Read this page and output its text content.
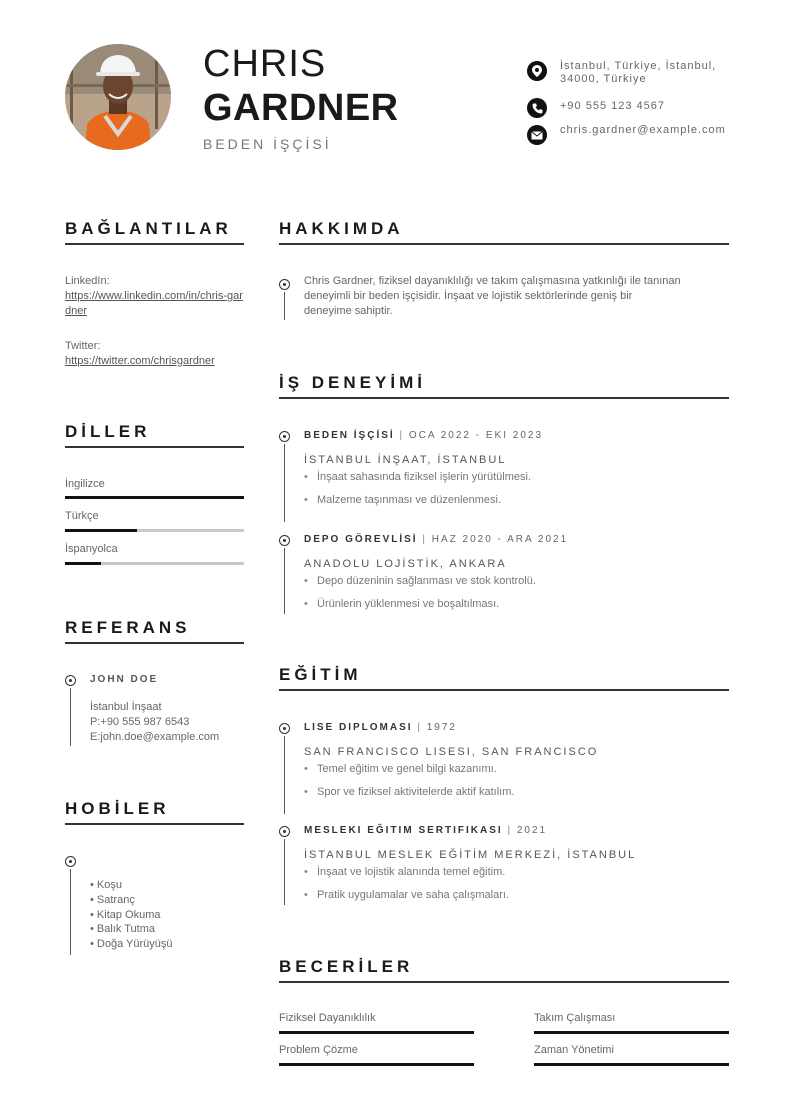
CHRIS
GARDNER
BEDEN İŞÇİSİ
İstanbul, Türkiye, İstanbul, 34000, Türkiye
+90 555 123 4567
chris.gardner@example.com
BAĞLANTILAR
LinkedIn:
https://www.linkedin.com/in/chris-gardner
Twitter:
https://twitter.com/chrisgardner
DİLLER
İngilizce
Türkçe
İspanyolca
REFERANS
JOHN DOE
İstanbul İnşaat
P:+90 555 987 6543
E:john.doe@example.com
HOBİLER
• Koşu
• Satranç
• Kitap Okuma
• Balık Tutma
• Doğa Yürüyüşü
HAKKIMDA
Chris Gardner, fiziksel dayanıklılığı ve takım çalışmasına yatkınlığı ile tanınan
deneyimli bir beden işçisidir. İnşaat ve lojistik sektörlerinde geniş bir
deneyime sahiptir.
İŞ DENEYİMİ
BEDEN İŞÇİSİ | OCA 2022 - EKI 2023
İSTANBUL İNŞAAT, İSTANBUL
• İnşaat sahasında fiziksel işlerin yürütülmesi.
• Malzeme taşınması ve düzenlenmesi.
DEPO GÖREVLİSİ | HAZ 2020 - ARA 2021
ANADOLU LOJİSTİK, ANKARA
• Depo düzeninin sağlanması ve stok kontrolü.
• Ürünlerin yüklenmesi ve boşaltılması.
EĞİTİM
LISE DIPLOMASI | 1972
SAN FRANCISCO LISESI, SAN FRANCISCO
• Temel eğitim ve genel bilgi kazanımı.
• Spor ve fiziksel aktivitelerde aktif katılım.
MESLEKI EĞITIM SERTIFIKASI | 2021
İSTANBUL MESLEK EĞİTİM MERKEZİ, İSTANBUL
• İnşaat ve lojistik alanında temel eğitim.
• Pratik uygulamalar ve saha çalışmaları.
BECERİLER
Fiziksel Dayanıklılık	Takım Çalışması
Problem Çözme	Zaman Yönetimi
